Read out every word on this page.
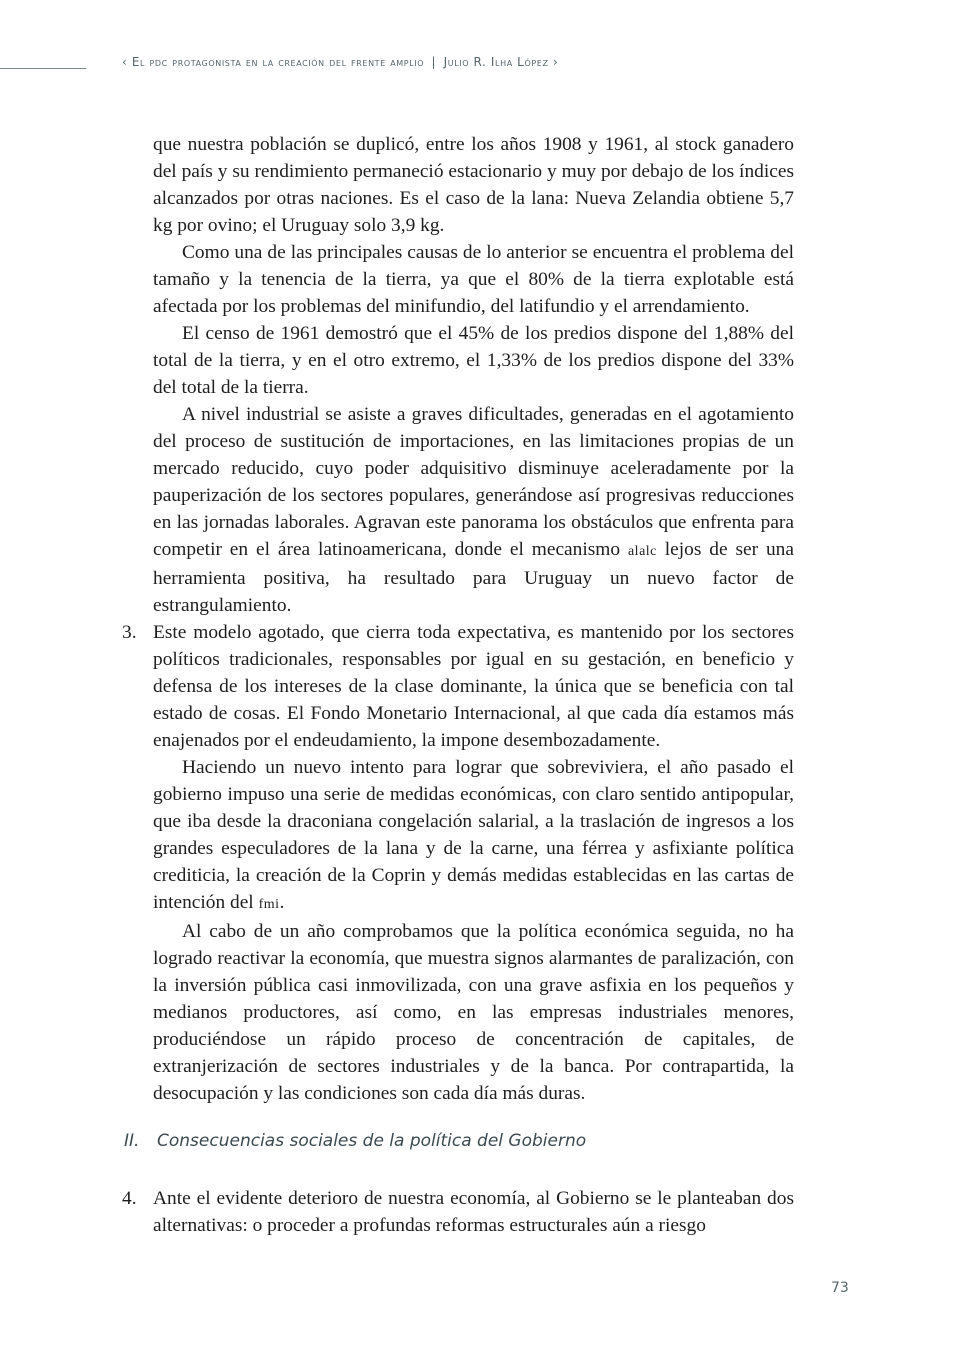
‹ El pdc protagonista en la creación del frente amplio | Julio R. Ilha López ›

que nuestra población se duplicó, entre los años 1908 y 1961, al stock ganadero del país y su rendimiento permaneció estacionario y muy por debajo de los índices alcanzados por otras naciones. Es el caso de la lana: Nueva Zelandia obtiene 5,7 kg por ovino; el Uruguay solo 3,9 kg.

Como una de las principales causas de lo anterior se encuentra el problema del tamaño y la tenencia de la tierra, ya que el 80% de la tierra explotable está afectada por los problemas del minifundio, del latifundio y el arrendamiento.

El censo de 1961 demostró que el 45% de los predios dispone del 1,88% del total de la tierra, y en el otro extremo, el 1,33% de los predios dispone del 33% del total de la tierra.

A nivel industrial se asiste a graves dificultades, generadas en el agotamiento del proceso de sustitución de importaciones, en las limitaciones propias de un mercado reducido, cuyo poder adquisitivo disminuye aceleradamente por la pauperización de los sectores populares, generándose así progresivas reducciones en las jornadas laborales. Agravan este panorama los obstáculos que enfrenta para competir en el área latinoamericana, donde el mecanismo alalc lejos de ser una herramienta positiva, ha resultado para Uruguay un nuevo factor de estrangulamiento.

3. Este modelo agotado, que cierra toda expectativa, es mantenido por los sectores políticos tradicionales, responsables por igual en su gestación, en beneficio y defensa de los intereses de la clase dominante, la única que se beneficia con tal estado de cosas. El Fondo Monetario Internacional, al que cada día estamos más enajenados por el endeudamiento, la impone desembozadamente.

Haciendo un nuevo intento para lograr que sobreviviera, el año pasado el gobierno impuso una serie de medidas económicas, con claro sentido antipopular, que iba desde la draconiana congelación salarial, a la traslación de ingresos a los grandes especuladores de la lana y de la carne, una férrea y asfixiante política crediticia, la creación de la Coprin y demás medidas establecidas en las cartas de intención del fmi.

Al cabo de un año comprobamos que la política económica seguida, no ha logrado reactivar la economía, que muestra signos alarmantes de paralización, con la inversión pública casi inmovilizada, con una grave asfixia en los pequeños y medianos productores, así como, en las empresas industriales menores, produciéndose un rápido proceso de concentración de capitales, de extranjerización de sectores industriales y de la banca. Por contrapartida, la desocupación y las condiciones son cada día más duras.

II. Consecuencias sociales de la política del Gobierno

4. Ante el evidente deterioro de nuestra economía, al Gobierno se le planteaban dos alternativas: o proceder a profundas reformas estructurales aún a riesgo

73
